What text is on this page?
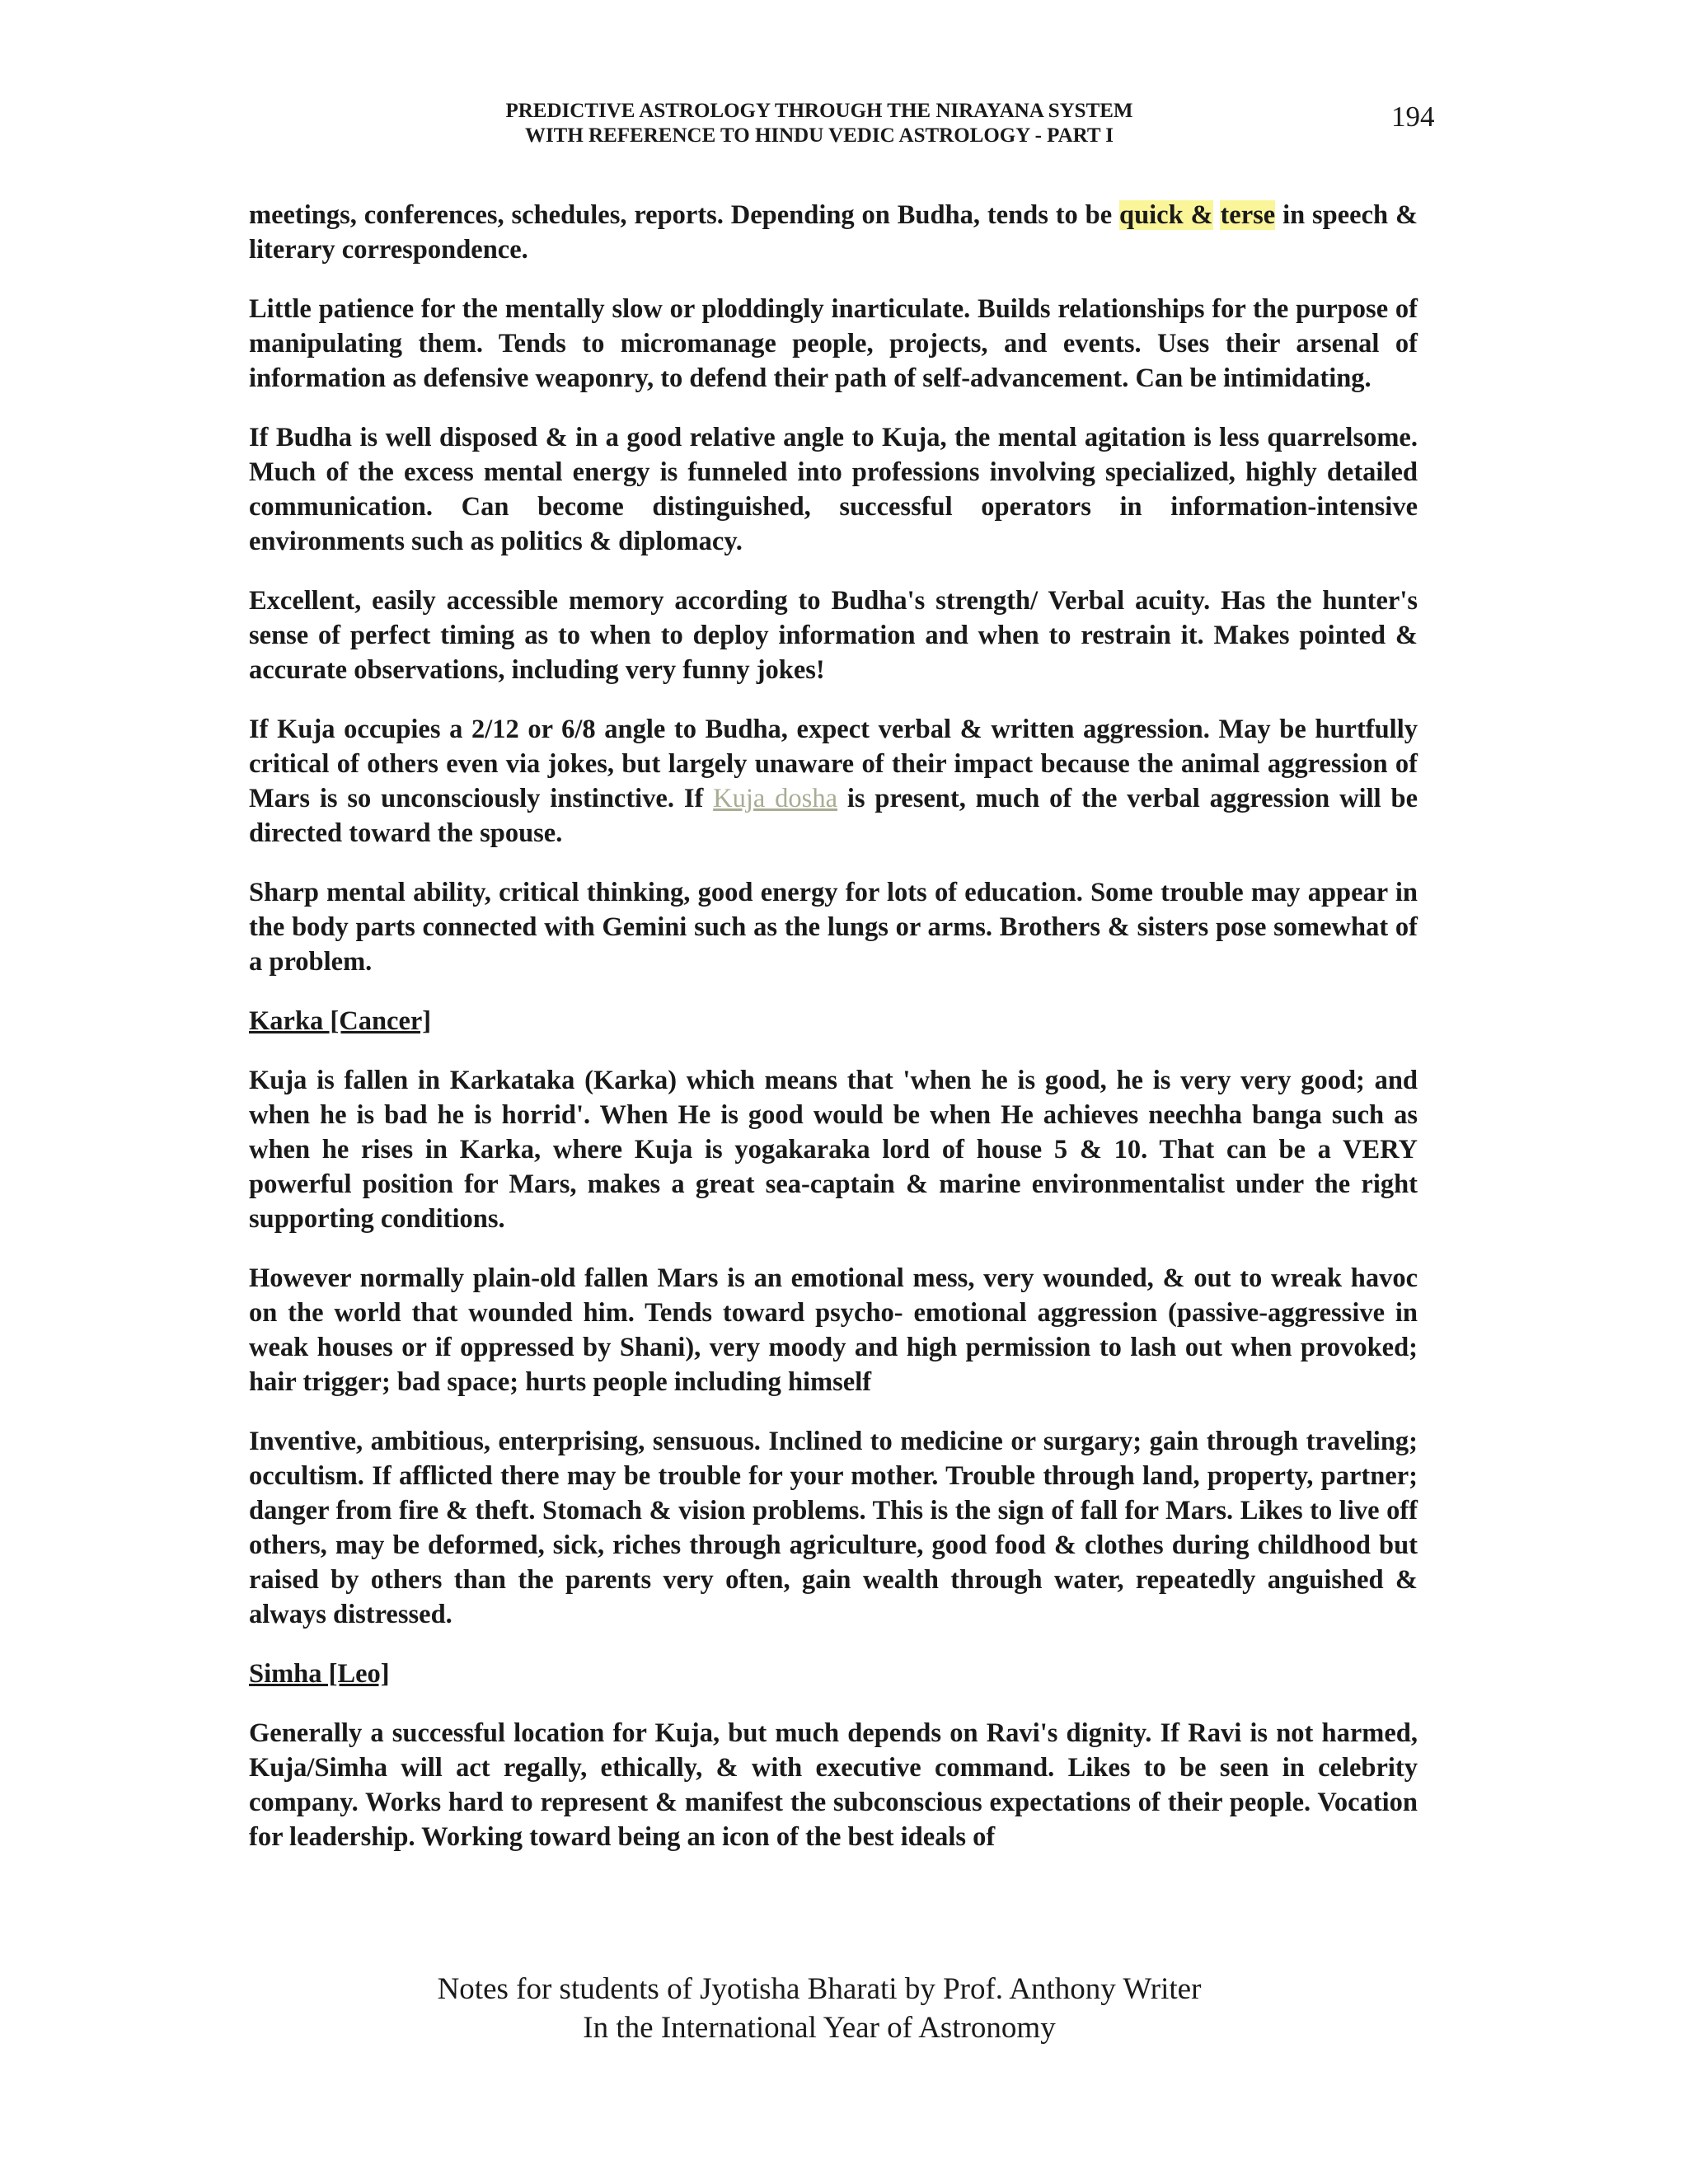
PREDICTIVE ASTROLOGY THROUGH THE NIRAYANA SYSTEM
WITH REFERENCE TO HINDU VEDIC ASTROLOGY - PART I
194

meetings, conferences, schedules, reports. Depending on Budha, tends to be quick & terse in speech & literary correspondence.

Little patience for the mentally slow or ploddingly inarticulate. Builds relationships for the purpose of manipulating them. Tends to micromanage people, projects, and events. Uses their arsenal of information as defensive weaponry, to defend their path of self-advancement. Can be intimidating.

If Budha is well disposed & in a good relative angle to Kuja, the mental agitation is less quarrelsome. Much of the excess mental energy is funneled into professions involving specialized, highly detailed communication. Can become distinguished, successful operators in information-intensive environments such as politics & diplomacy.

Excellent, easily accessible memory according to Budha's strength/ Verbal acuity. Has the hunter's sense of perfect timing as to when to deploy information and when to restrain it. Makes pointed & accurate observations, including very funny jokes!

If Kuja occupies a 2/12 or 6/8 angle to Budha, expect verbal & written aggression. May be hurtfully critical of others even via jokes, but largely unaware of their impact because the animal aggression of Mars is so unconsciously instinctive. If Kuja dosha is present, much of the verbal aggression will be directed toward the spouse.

Sharp mental ability, critical thinking, good energy for lots of education. Some trouble may appear in the body parts connected with Gemini such as the lungs or arms. Brothers & sisters pose somewhat of a problem.

Karka [Cancer]

Kuja is fallen in Karkataka (Karka) which means that 'when he is good, he is very very good; and when he is bad he is horrid'. When He is good would be when He achieves neechha banga such as when he rises in Karka, where Kuja is yogakaraka lord of house 5 & 10. That can be a VERY powerful position for Mars, makes a great sea-captain & marine environmentalist under the right supporting conditions.

However normally plain-old fallen Mars is an emotional mess, very wounded, & out to wreak havoc on the world that wounded him. Tends toward psycho- emotional aggression (passive-aggressive in weak houses or if oppressed by Shani), very moody and high permission to lash out when provoked; hair trigger; bad space; hurts people including himself

Inventive, ambitious, enterprising, sensuous. Inclined to medicine or surgary; gain through traveling; occultism. If afflicted there may be trouble for your mother. Trouble through land, property, partner; danger from fire & theft. Stomach & vision problems. This is the sign of fall for Mars. Likes to live off others, may be deformed, sick, riches through agriculture, good food & clothes during childhood but raised by others than the parents very often, gain wealth through water, repeatedly anguished & always distressed.

Simha [Leo]

Generally a successful location for Kuja, but much depends on Ravi's dignity. If Ravi is not harmed, Kuja/Simha will act regally, ethically, & with executive command. Likes to be seen in celebrity company. Works hard to represent & manifest the subconscious expectations of their people. Vocation for leadership. Working toward being an icon of the best ideals of

Notes for students of Jyotisha Bharati by Prof. Anthony Writer
In the International Year of Astronomy
